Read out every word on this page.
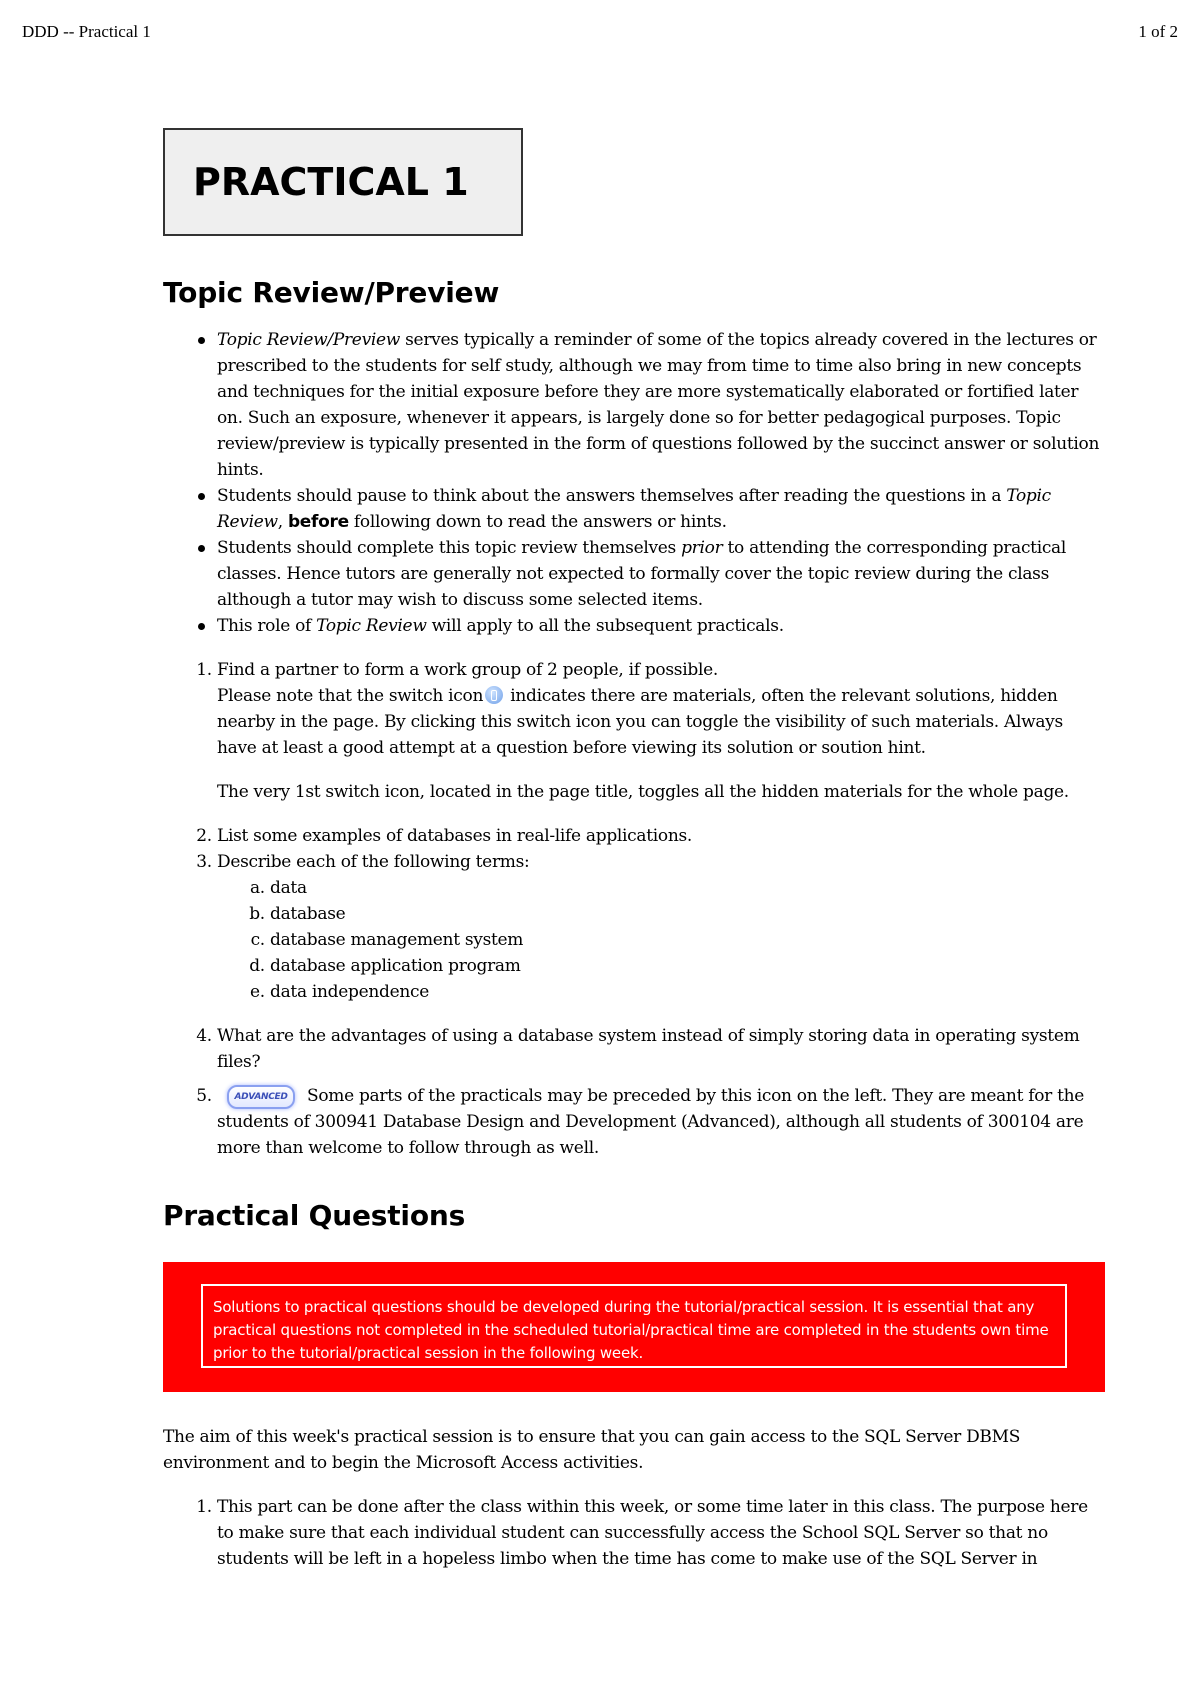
DDD -- Practical 1	1 of 2
PRACTICAL 1
Topic Review/Preview
Topic Review/Preview serves typically a reminder of some of the topics already covered in the lectures or prescribed to the students for self study, although we may from time to time also bring in new concepts and techniques for the initial exposure before they are more systematically elaborated or fortified later on. Such an exposure, whenever it appears, is largely done so for better pedagogical purposes. Topic review/preview is typically presented in the form of questions followed by the succinct answer or solution hints.
Students should pause to think about the answers themselves after reading the questions in a Topic Review, before following down to read the answers or hints.
Students should complete this topic review themselves prior to attending the corresponding practical classes. Hence tutors are generally not expected to formally cover the topic review during the class although a tutor may wish to discuss some selected items.
This role of Topic Review will apply to all the subsequent practicals.
1. Find a partner to form a work group of 2 people, if possible.
Please note that the switch icon indicates there are materials, often the relevant solutions, hidden nearby in the page. By clicking this switch icon you can toggle the visibility of such materials. Always have at least a good attempt at a question before viewing its solution or soution hint.
The very 1st switch icon, located in the page title, toggles all the hidden materials for the whole page.
2. List some examples of databases in real-life applications.
3. Describe each of the following terms:
a. data
b. database
c. database management system
d. database application program
e. data independence
4. What are the advantages of using a database system instead of simply storing data in operating system files?
5. ADVANCED Some parts of the practicals may be preceded by this icon on the left. They are meant for the students of 300941 Database Design and Development (Advanced), although all students of 300104 are more than welcome to follow through as well.
Practical Questions
Solutions to practical questions should be developed during the tutorial/practical session. It is essential that any practical questions not completed in the scheduled tutorial/practical time are completed in the students own time prior to the tutorial/practical session in the following week.

The aim of this week's practical session is to ensure that you can gain access to the SQL Server DBMS environment and to begin the Microsoft Access activities.

1. This part can be done after the class within this week, or some time later in this class. The purpose here to make sure that each individual student can successfully access the School SQL Server so that no students will be left in a hopeless limbo when the time has come to make use of the SQL Server in
